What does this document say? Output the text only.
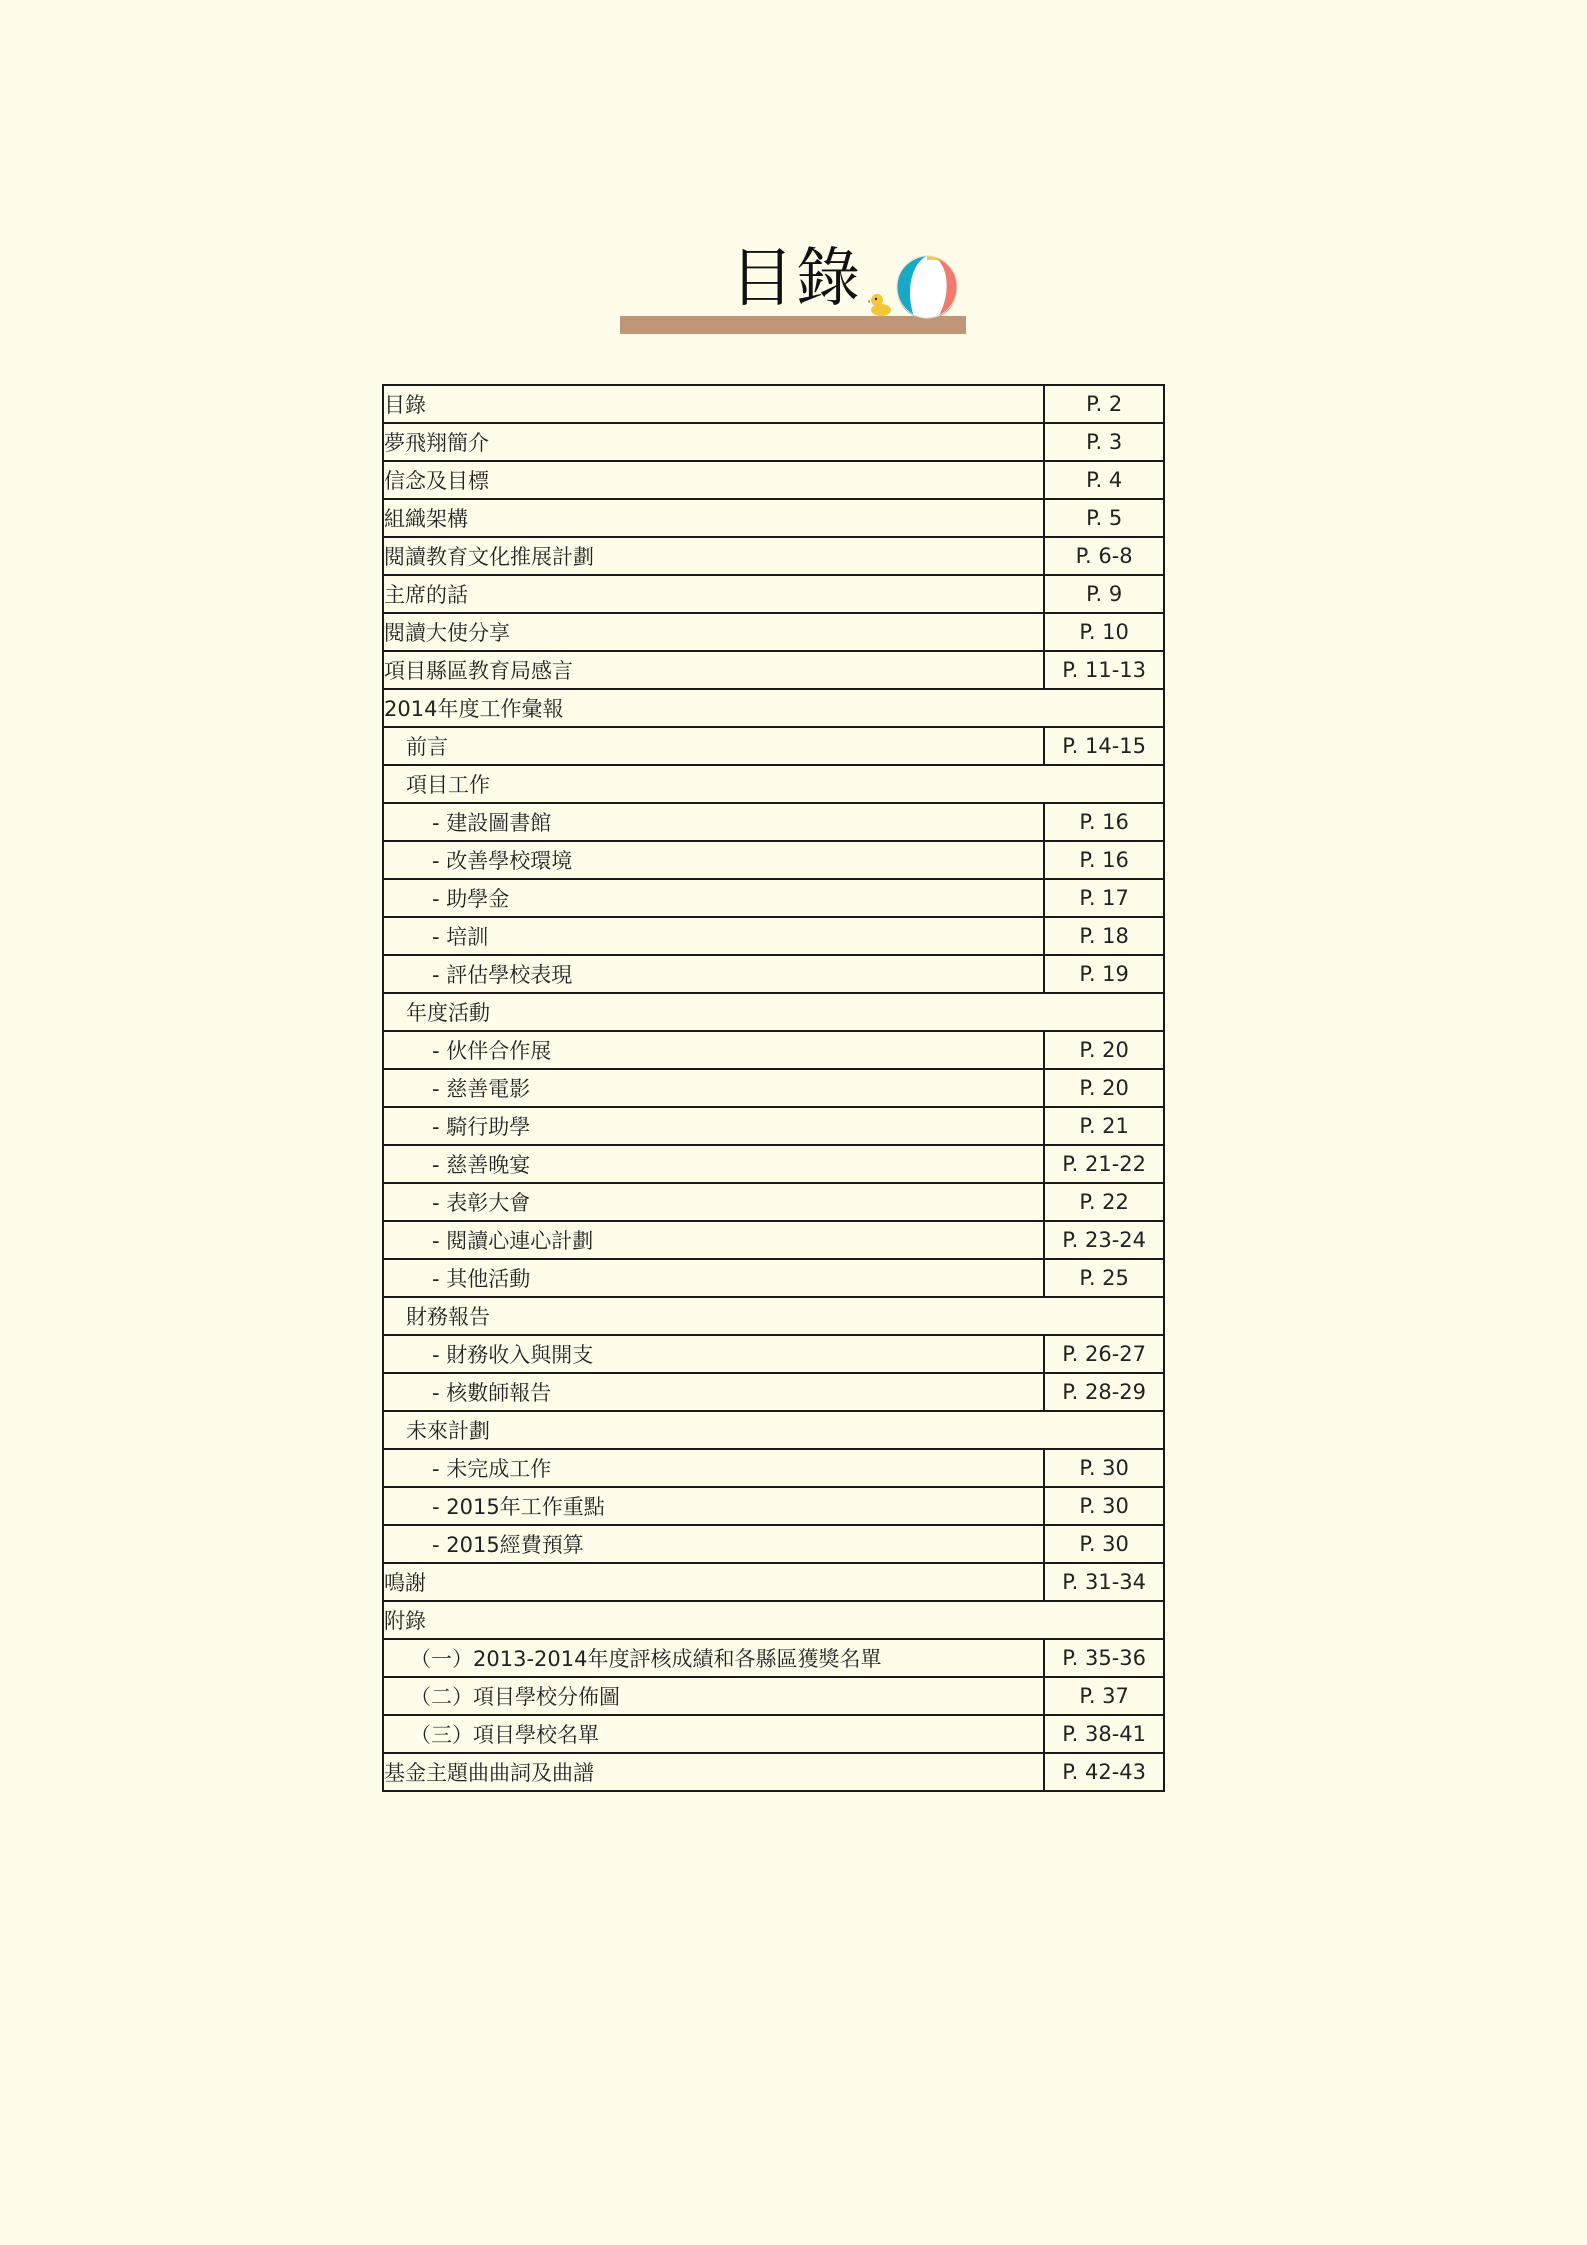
目錄
目錄	P. 2
夢飛翔簡介	P. 3
信念及目標	P. 4
組織架構	P. 5
閱讀教育文化推展計劃	P. 6-8
主席的話	P. 9
閱讀大使分享	P. 10
項目縣區教育局感言	P. 11-13
2014年度工作彙報	
前言	P. 14-15
項目工作	
- 建設圖書館	P. 16
- 改善學校環境	P. 16
- 助學金	P. 17
- 培訓	P. 18
- 評估學校表現	P. 19
年度活動	
- 伙伴合作展	P. 20
- 慈善電影	P. 20
- 騎行助學	P. 21
- 慈善晚宴	P. 21-22
- 表彰大會	P. 22
- 閱讀心連心計劃	P. 23-24
- 其他活動	P. 25
財務報告	
- 財務收入與開支	P. 26-27
- 核數師報告	P. 28-29
未來計劃	
- 未完成工作	P. 30
- 2015年工作重點	P. 30
- 2015經費預算	P. 30
鳴謝	P. 31-34
附錄	
（一）2013-2014年度評核成績和各縣區獲獎名單	P. 35-36
（二）項目學校分佈圖	P. 37
（三）項目學校名單	P. 38-41
基金主題曲曲詞及曲譜	P. 42-43
